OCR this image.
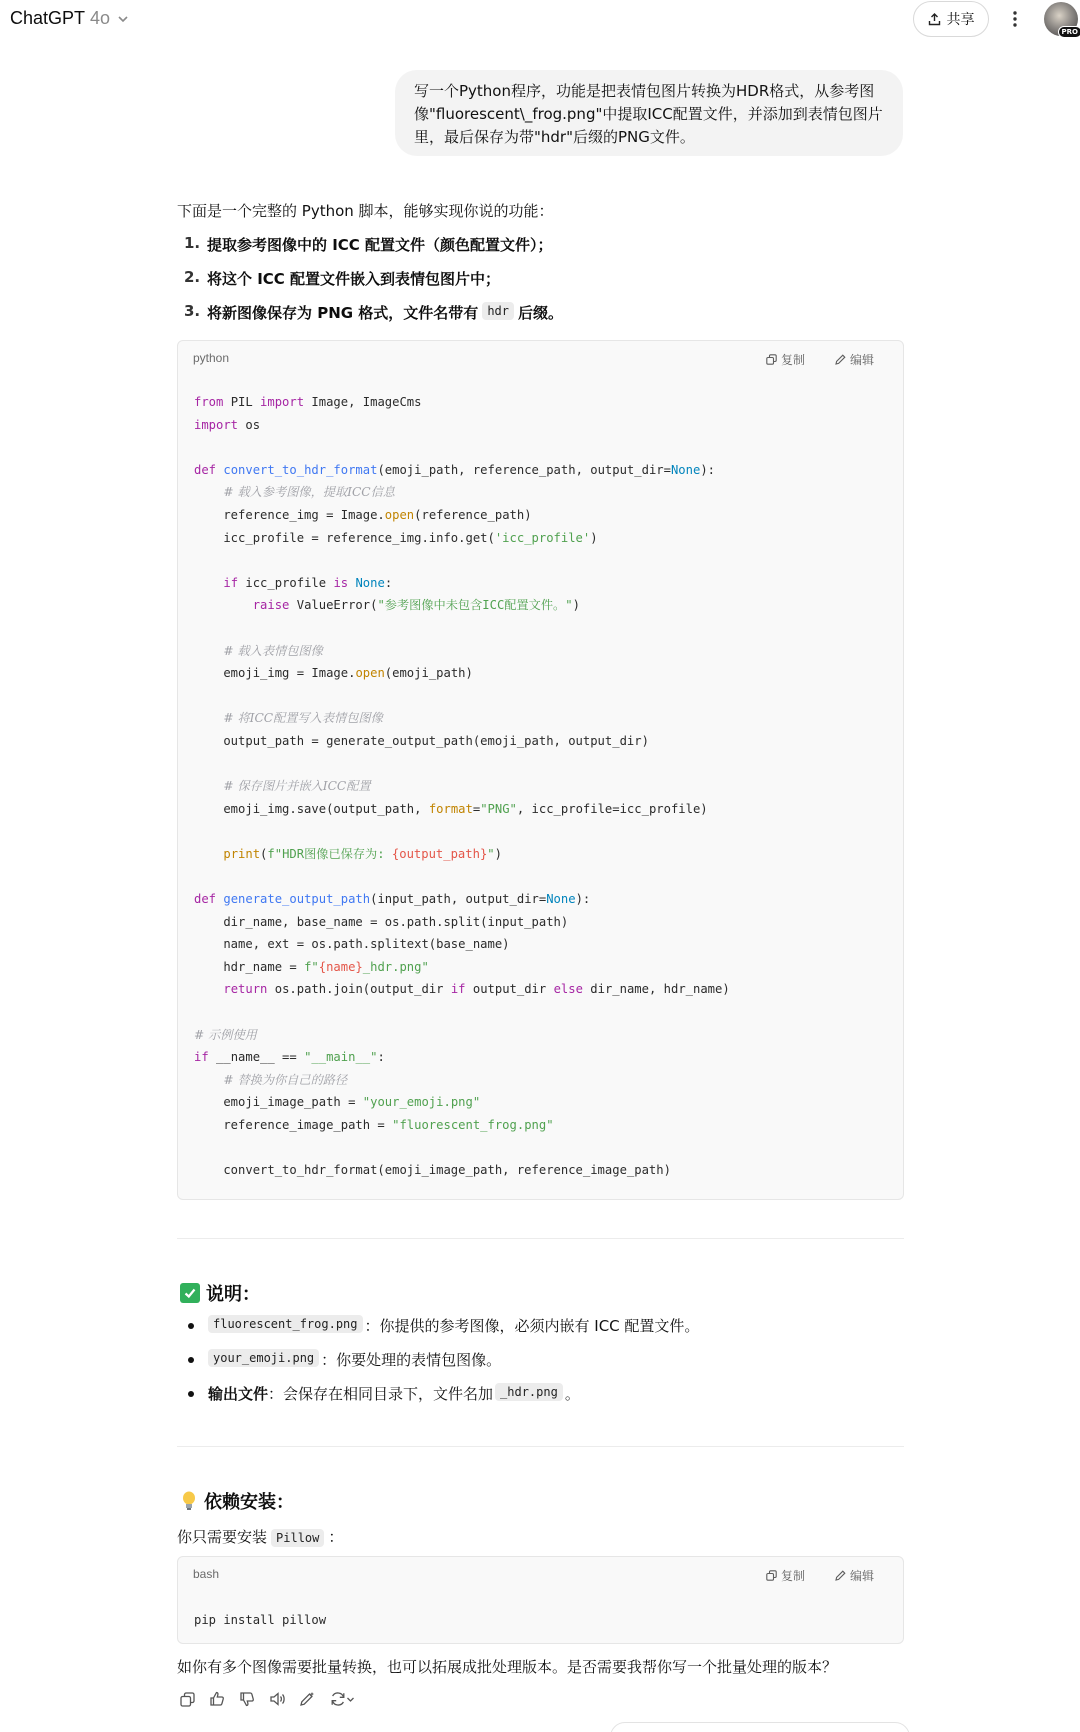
ChatGPT 4o	共享
PRO
写一个Python程序，功能是把表情包图片转换为HDR格式，从参考图像"fluorescent\_frog.png"中提取ICC配置文件，并添加到表情包图片里，最后保存为带"hdr"后缀的PNG文件。
下面是一个完整的 Python 脚本，能够实现你说的功能：
1. 提取参考图像中的 ICC 配置文件（颜色配置文件）；
2. 将这个 ICC 配置文件嵌入到表情包图片中；
3. 将新图像保存为 PNG 格式，文件名带有 hdr 后缀。
python	复制	编辑
from PIL import Image, ImageCms
import os

def convert_to_hdr_format(emoji_path, reference_path, output_dir=None):
# 载入参考图像，提取ICC信息
reference_img = Image.open(reference_path)
icc_profile = reference_img.info.get('icc_profile')

if icc_profile is None:
raise ValueError("参考图像中未包含ICC配置文件。")

# 载入表情包图像
emoji_img = Image.open(emoji_path)

# 将ICC配置写入表情包图像
output_path = generate_output_path(emoji_path, output_dir)

# 保存图片并嵌入ICC配置
emoji_img.save(output_path, format="PNG", icc_profile=icc_profile)

print(f"HDR图像已保存为: {output_path}")

def generate_output_path(input_path, output_dir=None):
dir_name, base_name = os.path.split(input_path)
name, ext = os.path.splitext(base_name)
hdr_name = f"{name}_hdr.png"
return os.path.join(output_dir if output_dir else dir_name, hdr_name)

# 示例使用
if __name__ == "__main__":
# 替换为你自己的路径
emoji_image_path = "your_emoji.png"
reference_image_path = "fluorescent_frog.png"

convert_to_hdr_format(emoji_image_path, reference_image_path)
说明：
fluorescent_frog.png ：你提供的参考图像，必须内嵌有 ICC 配置文件。
your_emoji.png ：你要处理的表情包图像。
输出文件 ：会保存在相同目录下，文件名加 _hdr.png 。
依赖安装：
你只需要安装 Pillow ：
bash	复制	编辑
pip install pillow
如你有多个图像需要批量转换，也可以拓展成批处理版本。是否需要我帮你写一个批量处理的版本？
